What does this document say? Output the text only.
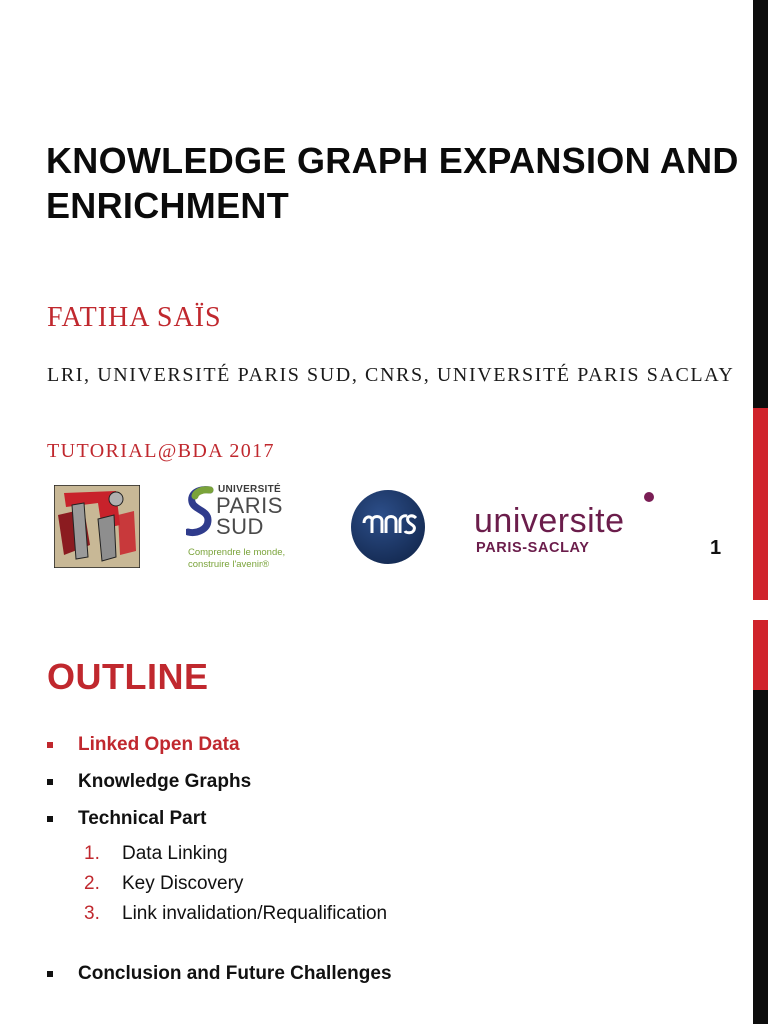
KNOWLEDGE GRAPH EXPANSION AND ENRICHMENT

FATIHA SAÏS

LRI, UNIVERSITÉ PARIS SUD, CNRS, UNIVERSITÉ PARIS SACLAY

TUTORIAL@BDA 2017

UNIVERSITÉ
PARIS
SUD
Comprendre le monde,
construire l'avenir®
universite
PARIS-SACLAY	1
OUTLINE
Linked Open Data
Knowledge Graphs
Technical Part
1.	Data Linking
2.	Key Discovery
3.	Link invalidation/Requalification
Conclusion and Future Challenges
